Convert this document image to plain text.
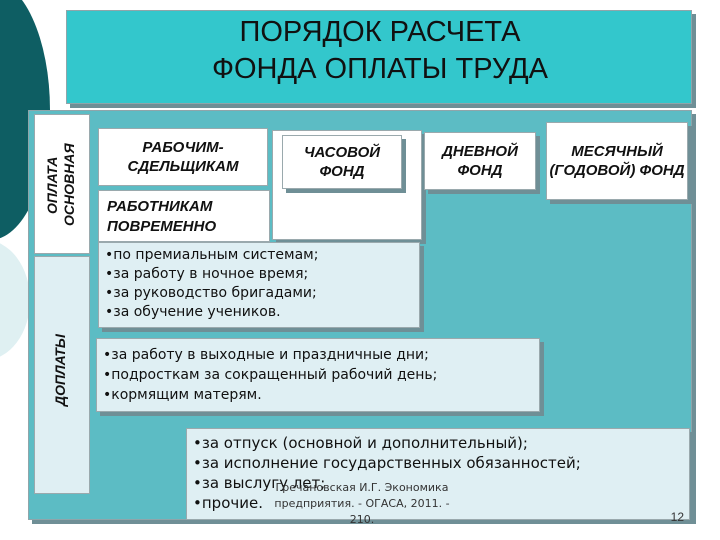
ПОРЯДОК РАСЧЕТА
ФОНДА ОПЛАТЫ ТРУДА
ОПЛАТА ОСНОВНАЯ
ДОПЛАТЫ
РАБОЧИМ-СДЕЛЬЩИКАМ
РАБОТНИКАМ ПОВРЕМЕННО
ЧАСОВОЙ ФОНД
ДНЕВНОЙ ФОНД
МЕСЯЧНЫЙ (ГОДОВОЙ) ФОНД
• по премиальным системам;
• за работу в ночное время;
• за руководство бригадами;
• за обучение учеников.
• за работу в выходные и праздничные дни;
• подросткам за сокращенный рабочий день;
• кормящим матерям.
• за отпуск (основной и дополнительный);
• за исполнение государственных обязанностей;
• за выслугу лет;
• прочие.
Гречановская И.Г. Экономика предприятия. - ОГАСА, 2011. - 210.	12
